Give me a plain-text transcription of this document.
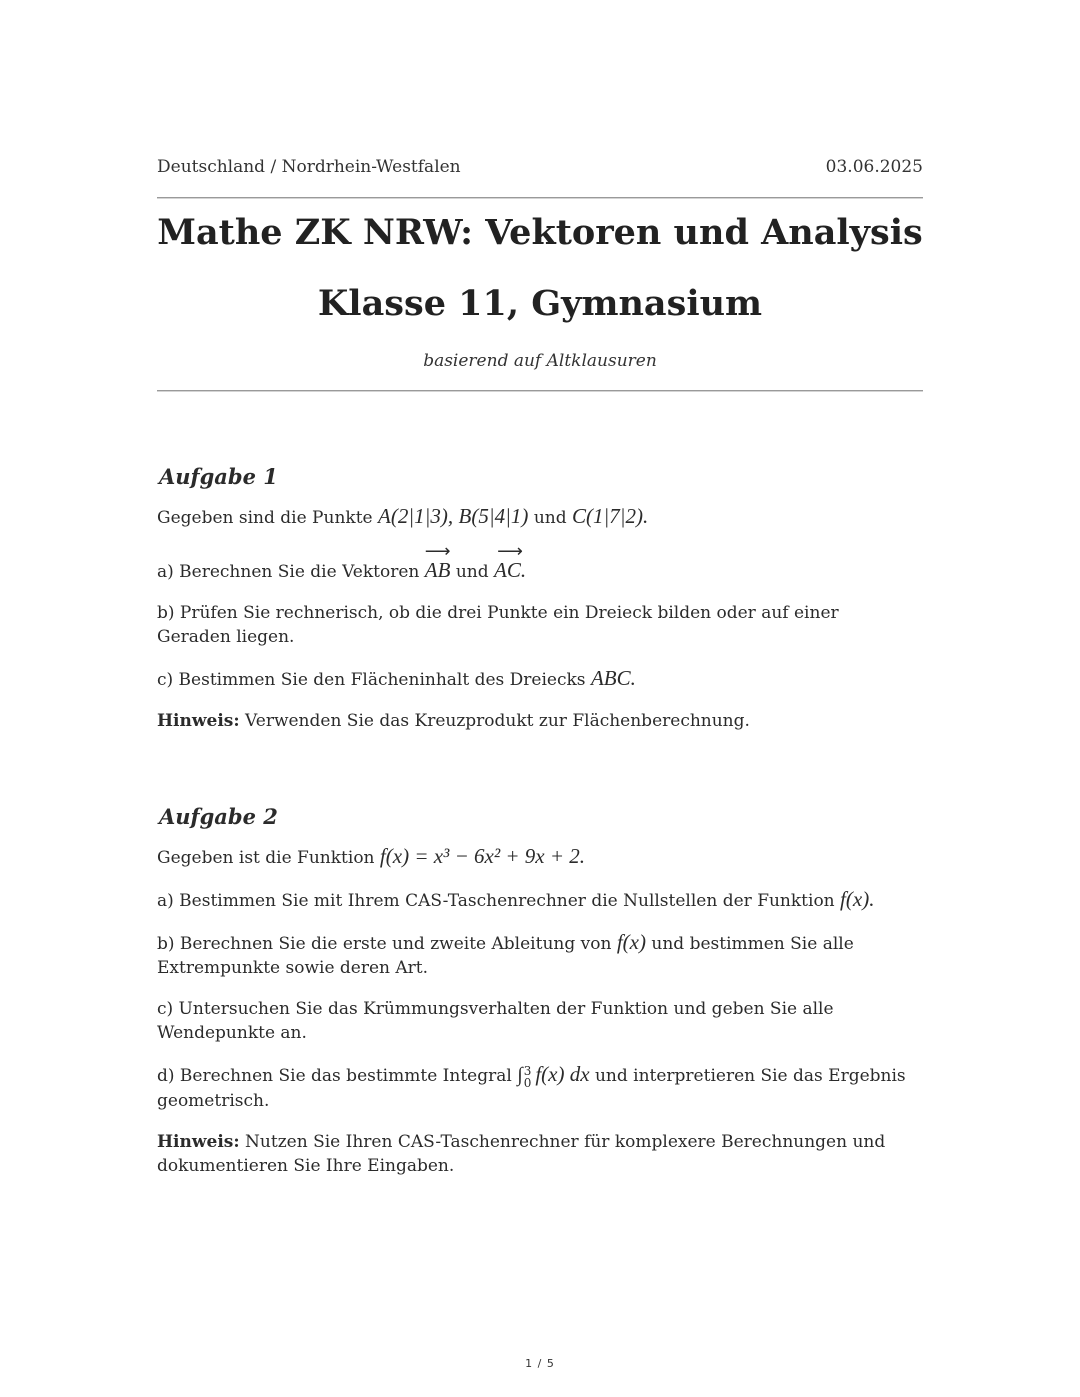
Deutschland / Nordrhein-Westfalen	03.06.2025
Mathe ZK NRW: Vektoren und Analysis
Klasse 11, Gymnasium
basierend auf Altklausuren
Aufgabe 1

Gegeben sind die Punkte A(2|1|3), B(5|4|1) und C(1|7|2).

a) Berechnen Sie die Vektoren
⟶
AB und
⟶
AC.

b) Prüfen Sie rechnerisch, ob die drei Punkte ein Dreieck bilden oder auf einer Geraden liegen.

c) Bestimmen Sie den Flächeninhalt des Dreiecks ABC.

Hinweis: Verwenden Sie das Kreuzprodukt zur Flächenberechnung.

Aufgabe 2

Gegeben ist die Funktion f(x) = x³ − 6x² + 9x + 2.

a) Bestimmen Sie mit Ihrem CAS-Taschenrechner die Nullstellen der Funktion f(x).

b) Berechnen Sie die erste und zweite Ableitung von f(x) und bestimmen Sie alle Extrempunkte sowie deren Art.

c) Untersuchen Sie das Krümmungsverhalten der Funktion und geben Sie alle Wendepunkte an.

d) Berechnen Sie das bestimmte Integral ∫ 3
0 f(x) dx und interpretieren Sie das Ergebnis geometrisch.

Hinweis: Nutzen Sie Ihren CAS-Taschenrechner für komplexere Berechnungen und dokumentieren Sie Ihre Eingaben.

1 / 5
